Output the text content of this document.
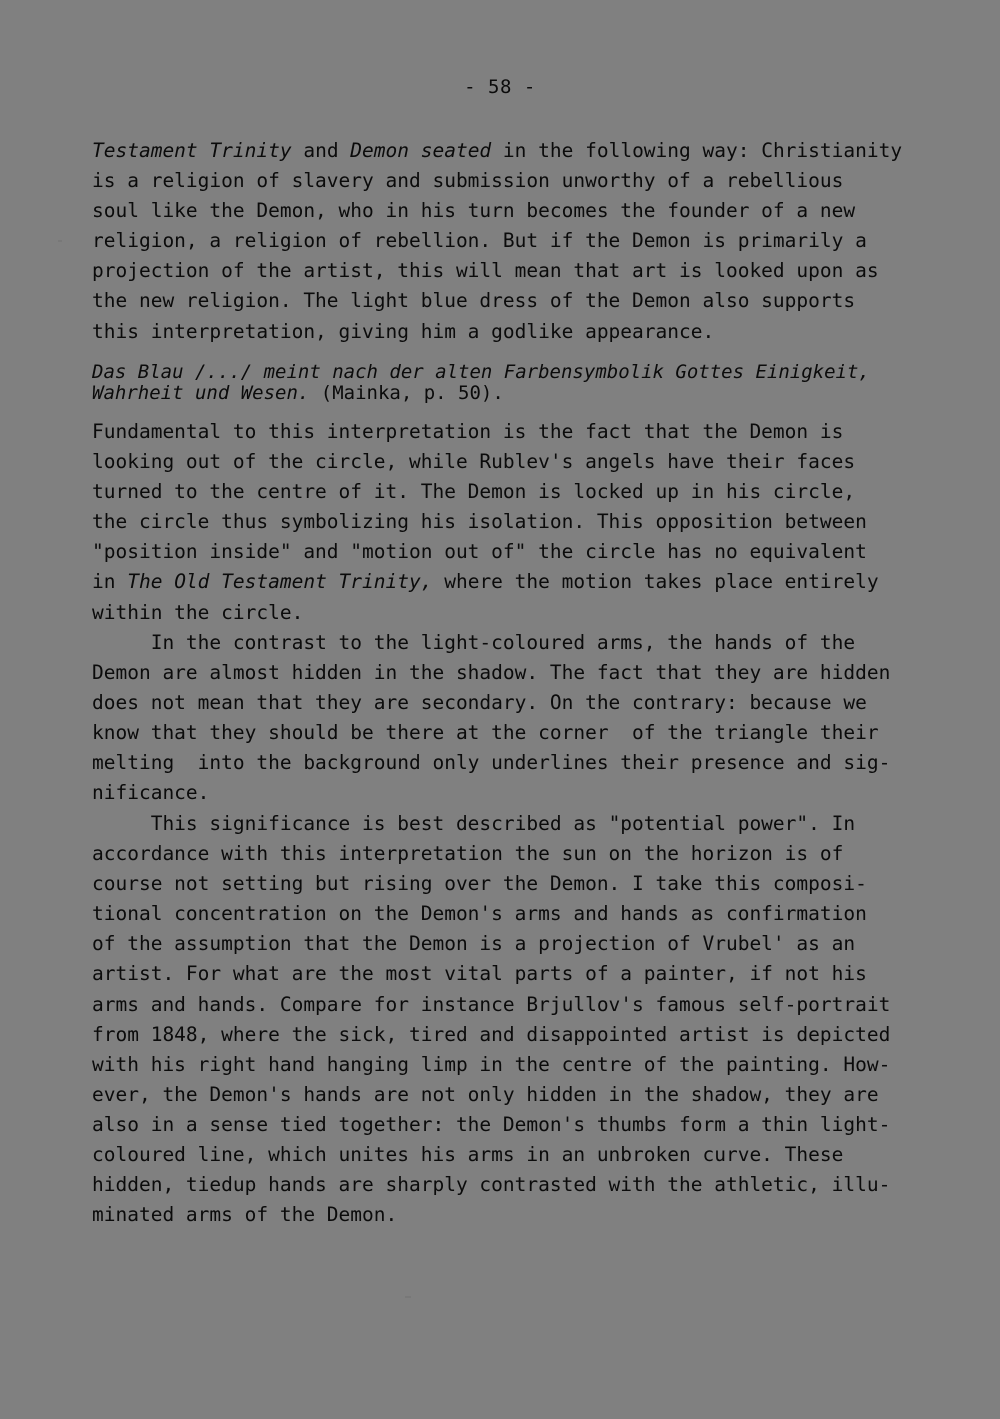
- 58 -

Testament Trinity and Demon seated in the following way: Christianity
is a religion of slavery and submission unworthy of a rebellious
soul like the Demon, who in his turn becomes the founder of a new
religion, a religion of rebellion. But if the Demon is primarily a
projection of the artist, this will mean that art is looked upon as
the new religion. The light blue dress of the Demon also supports
this interpretation, giving him a godlike appearance.

Das Blau /.../ meint nach der alten Farbensymbolik Gottes Einigkeit,
Wahrheit und Wesen. (Mainka, p. 50).

Fundamental to this interpretation is the fact that the Demon is
looking out of the circle, while Rublev's angels have their faces
turned to the centre of it. The Demon is locked up in his circle,
the circle thus symbolizing his isolation. This opposition between
"position inside" and "motion out of" the circle has no equivalent
in The Old Testament Trinity, where the motion takes place entirely
within the circle.

In the contrast to the light-coloured arms, the hands of the
Demon are almost hidden in the shadow. The fact that they are hidden
does not mean that they are secondary. On the contrary: because we
know that they should be there at the corner  of the triangle their
melting  into the background only underlines their presence and sig-
nificance.

This significance is best described as "potential power". In
accordance with this interpretation the sun on the horizon is of
course not setting but rising over the Demon. I take this composi-
tional concentration on the Demon's arms and hands as confirmation
of the assumption that the Demon is a projection of Vrubel' as an
artist. For what are the most vital parts of a painter, if not his
arms and hands. Compare for instance Brjullov's famous self-portrait
from 1848, where the sick, tired and disappointed artist is depicted
with his right hand hanging limp in the centre of the painting. How-
ever, the Demon's hands are not only hidden in the shadow, they are
also in a sense tied together: the Demon's thumbs form a thin light-
coloured line, which unites his arms in an unbroken curve. These
hidden, tiedup hands are sharply contrasted with the athletic, illu-
minated arms of the Demon.
